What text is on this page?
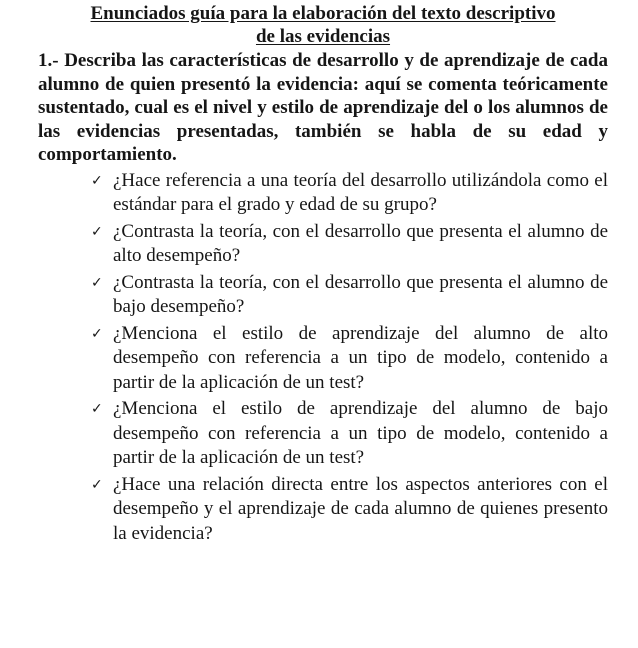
Enunciados guía para la elaboración del texto descriptivo
de las evidencias
1.- Describa las características de desarrollo y de aprendizaje de cada alumno de quien presentó la evidencia: aquí se comenta teóricamente sustentado, cual es el nivel y estilo de aprendizaje del o los alumnos de las evidencias presentadas, también se habla de su edad y comportamiento.
✓ ¿Hace referencia a una teoría del desarrollo utilizándola como el estándar para el grado y edad de su grupo?
✓ ¿Contrasta la teoría, con el desarrollo que presenta el alumno de alto desempeño?
✓ ¿Contrasta la teoría, con el desarrollo que presenta el alumno de bajo desempeño?
✓ ¿Menciona el estilo de aprendizaje del alumno de alto desempeño con referencia a un tipo de modelo, contenido a partir de la aplicación de un test?
✓ ¿Menciona el estilo de aprendizaje del alumno de bajo desempeño con referencia a un tipo de modelo, contenido a partir de la aplicación de un test?
✓ ¿Hace una relación directa entre los aspectos anteriores con el desempeño y el aprendizaje de cada alumno de quienes presento la evidencia?
